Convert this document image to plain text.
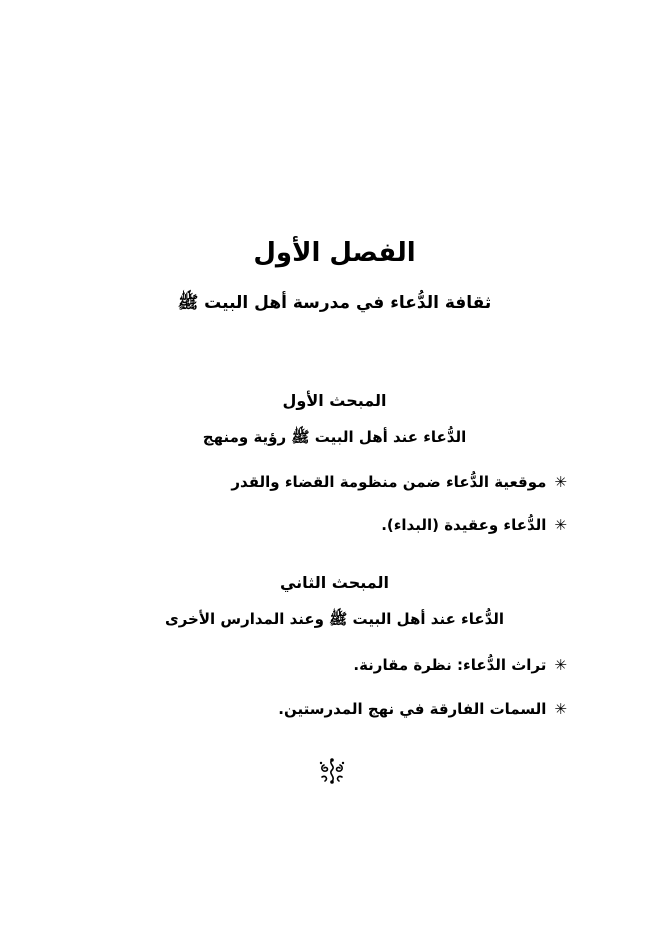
الفصل الأول
ثقافة الدُّعاء في مدرسة أهل البيت ﷺ
المبحث الأول
الدُّعاء عند أهل البيت ﷺ رؤية ومنهج
✳موقعية الدُّعاء ضمن منظومة القضاء والقدر
✳الدُّعاء وعقيدة (البداء).
المبحث الثاني
الدُّعاء عند أهل البيت ﷺ وعند المدارس الأخرى
✳تراث الدُّعاء: نظرة مقارنة.
✳السمات الفارقة في نهج المدرستين.
